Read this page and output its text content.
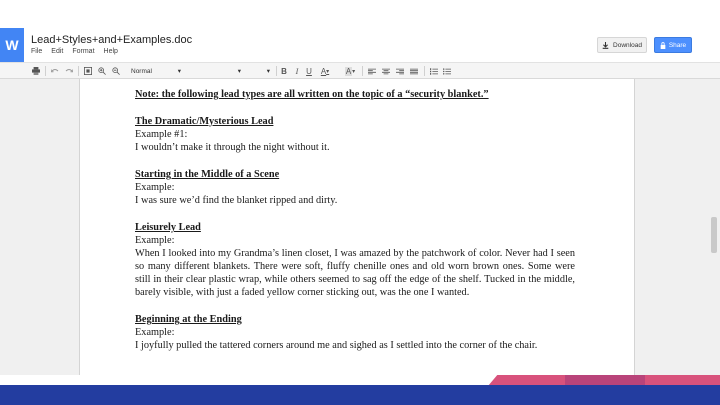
W Lead+Styles+and+Examples.doc
File Edit Format Help
Download	Share
Normal	▾	▾	▾ B	I U A ▾ A ▾
Note: the following lead types are all written on the topic of a “security blanket.”
The Dramatic/Mysterious Lead
Example #1:
I wouldn’t make it through the night without it.
Starting in the Middle of a Scene
Example:
I was sure we’d find the blanket ripped and dirty.
Leisurely Lead
Example:
When I looked into my Grandma’s linen closet, I was amazed by the patchwork of color. Never had I seen so many different blankets. There were soft, fluffy chenille ones and old worn brown ones. Some were still in their clear plastic wrap, while others seemed to sag off the edge of the shelf. Tucked in the middle, barely visible, with just a faded yellow corner sticking out, was the one I wanted.
Beginning at the Ending
Example:
I joyfully pulled the tattered corners around me and sighed as I settled into the corner of the chair.
